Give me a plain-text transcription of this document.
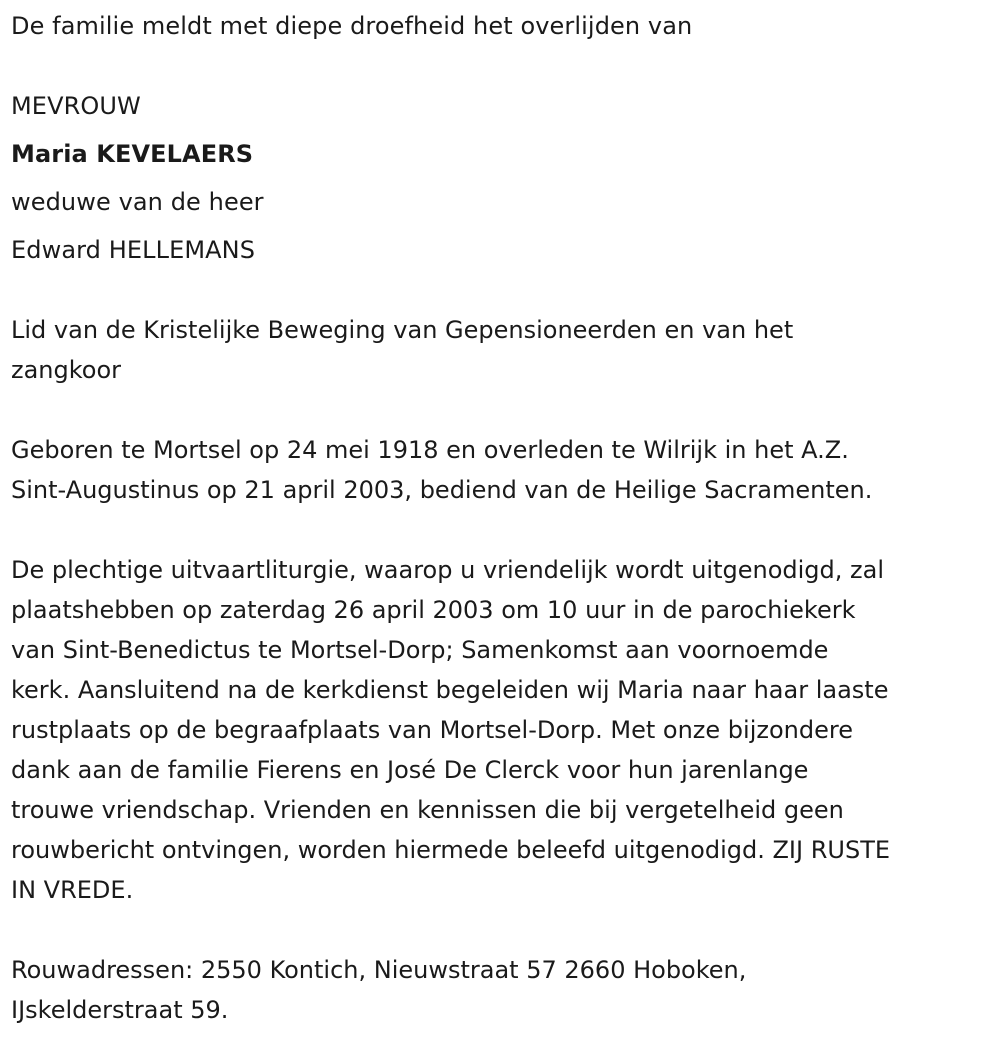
De familie meldt met diepe droefheid het overlijden van
MEVROUW
Maria KEVELAERS
weduwe van de heer
Edward HELLEMANS

Lid van de Kristelijke Beweging van Gepensioneerden en van het
zangkoor

Geboren te Mortsel op 24 mei 1918 en overleden te Wilrijk in het A.Z.
Sint-Augustinus op 21 april 2003, bediend van de Heilige Sacramenten.

De plechtige uitvaartliturgie, waarop u vriendelijk wordt uitgenodigd, zal
plaatshebben op zaterdag 26 april 2003 om 10 uur in de parochiekerk
van Sint-Benedictus te Mortsel-Dorp; Samenkomst aan voornoemde
kerk. Aansluitend na de kerkdienst begeleiden wij Maria naar haar laaste
rustplaats op de begraafplaats van Mortsel-Dorp. Met onze bijzondere
dank aan de familie Fierens en José De Clerck voor hun jarenlange
trouwe vriendschap. Vrienden en kennissen die bij vergetelheid geen
rouwbericht ontvingen, worden hiermede beleefd uitgenodigd. ZIJ RUSTE
IN VREDE.

Rouwadressen: 2550 Kontich, Nieuwstraat 57 2660 Hoboken,
IJskelderstraat 59.
